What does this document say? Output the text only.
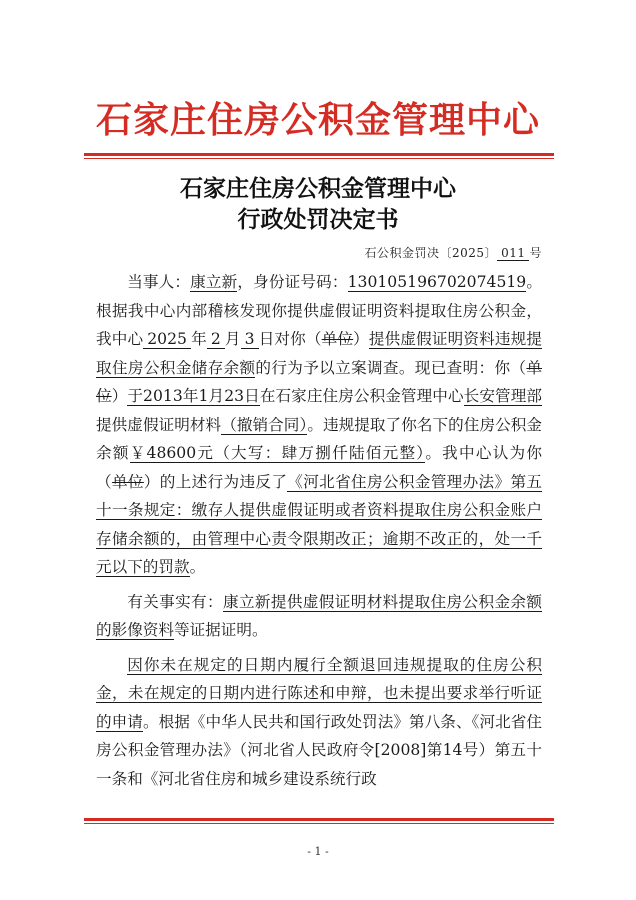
石家庄住房公积金管理中心
石家庄住房公积金管理中心
行政处罚决定书
石公积金罚决〔2025〕 011 号

当事人：康立新，身份证号码：130105196702074519。根据我中心内部稽核发现你提供虚假证明资料提取住房公积金，我中心 2025 年 2 月 3 日对你（单位）提供虚假证明资料违规提取住房公积金储存余额的行为予以立案调查。现已查明：你（单位）于2013年1月23日在石家庄住房公积金管理中心长安管理部提供虚假证明材料（撤销合同）。违规提取了你名下的住房公积金余额￥48600元（大写：肆万捌仟陆佰元整）。我中心认为你（单位）的上述行为违反了《河北省住房公积金管理办法》第五十一条规定：缴存人提供虚假证明或者资料提取住房公积金账户存储余额的，由管理中心责令限期改正；逾期不改正的，处一千元以下的罚款。

有关事实有：康立新提供虚假证明材料提取住房公积金余额的影像资料等证据证明。

因你未在规定的日期内履行全额退回违规提取的住房公积金，未在规定的日期内进行陈述和申辩，也未提出要求举行听证的申请。根据《中华人民共和国行政处罚法》第八条、《河北省住房公积金管理办法》（河北省人民政府令[2008]第14号）第五十一条和《河北省住房和城乡建设系统行政

- 1 -
